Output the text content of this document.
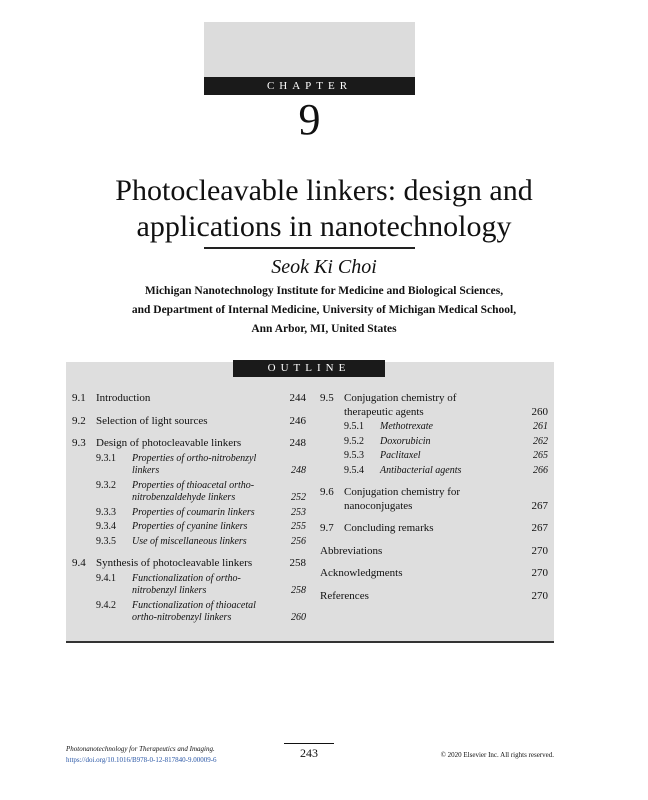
CHAPTER
9
Photocleavable linkers: design and
applications in nanotechnology
Seok Ki Choi
Michigan Nanotechnology Institute for Medicine and Biological Sciences,
and Department of Internal Medicine, University of Michigan Medical School,
Ann Arbor, MI, United States
OUTLINE
9.1 Introduction	244
9.2 Selection of light sources	246
9.3 Design of photocleavable linkers	248
9.3.1 Properties of ortho-nitrobenzyl
linkers	248
9.3.2 Properties of thioacetal ortho-
nitrobenzaldehyde linkers	252
9.3.3 Properties of coumarin linkers	253
9.3.4 Properties of cyanine linkers	255
9.3.5 Use of miscellaneous linkers	256
9.4 Synthesis of photocleavable linkers	258
9.4.1 Functionalization of ortho-
nitrobenzyl linkers	258
9.4.2 Functionalization of thioacetal
ortho-nitrobenzyl linkers	260
9.5 Conjugation chemistry of
therapeutic agents	260
9.5.1 Methotrexate	261
9.5.2 Doxorubicin	262
9.5.3 Paclitaxel	265
9.5.4 Antibacterial agents	266
9.6 Conjugation chemistry for
nanoconjugates	267
9.7 Concluding remarks	267
Abbreviations	270
Acknowledgments	270
References	270
Photonanotechnology for Therapeutics and Imaging.
https://doi.org/10.1016/B978-0-12-817840-9.00009-6	243	© 2020 Elsevier Inc. All rights reserved.
